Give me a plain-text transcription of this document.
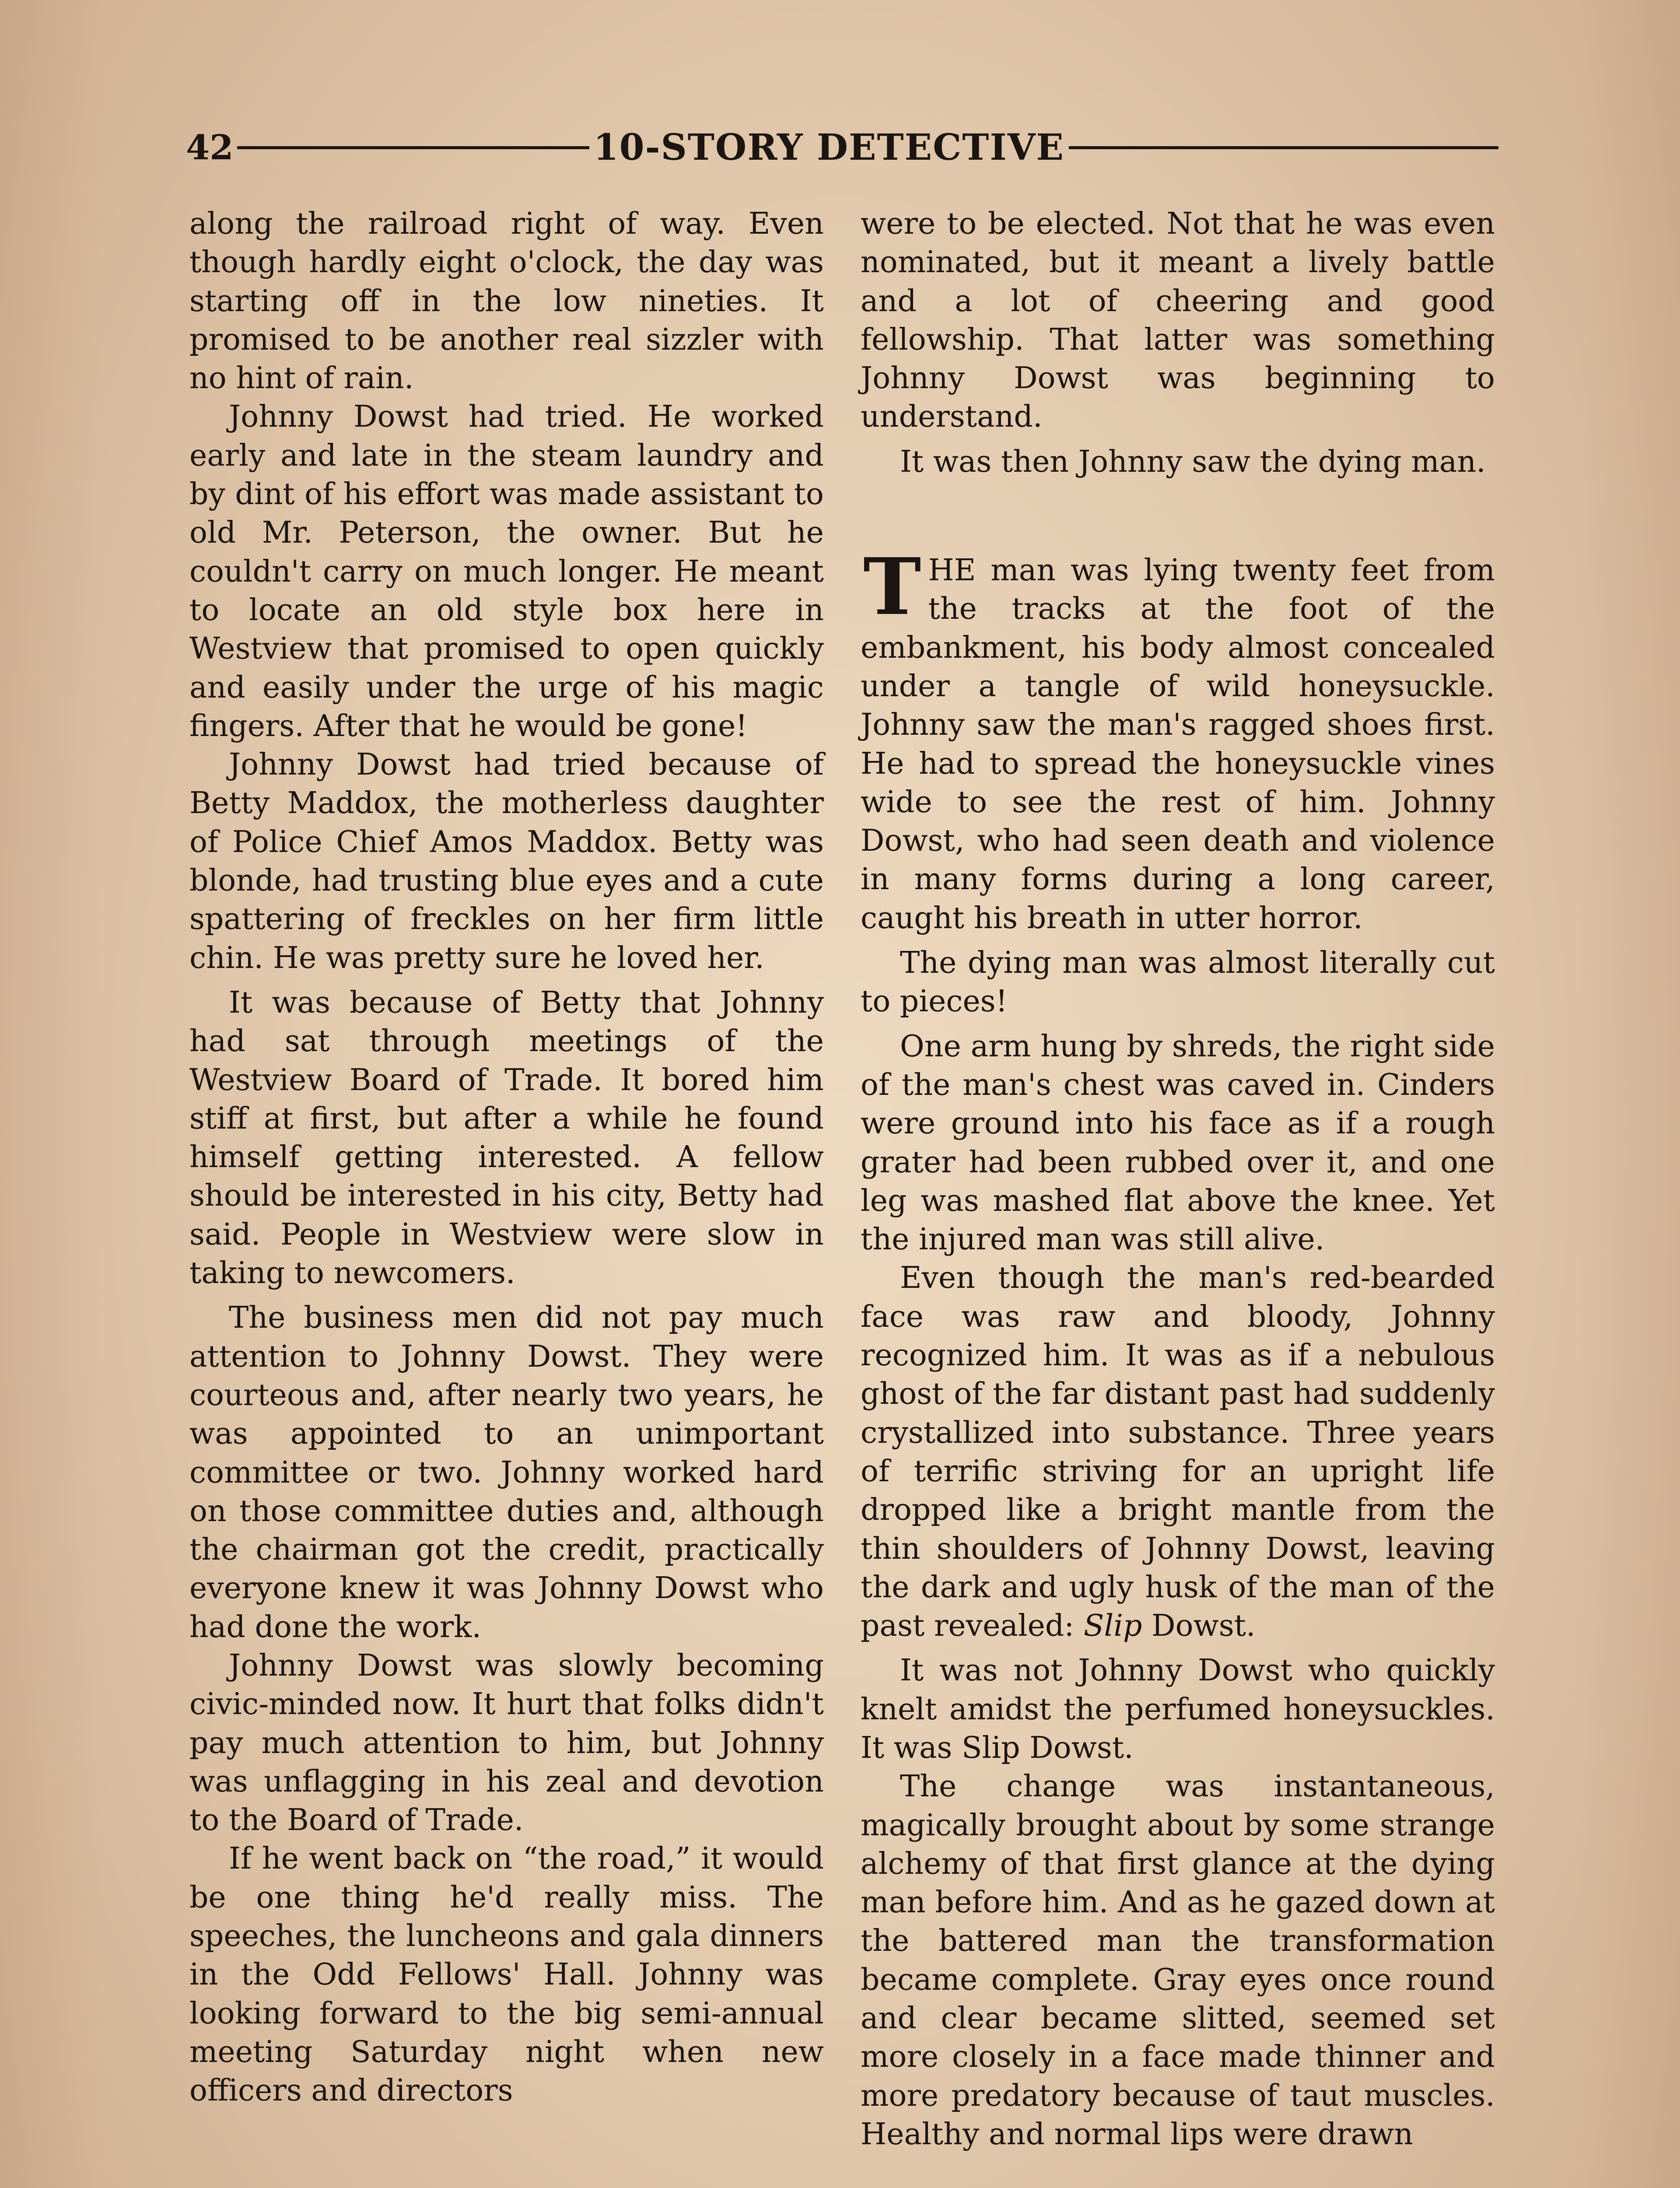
42	10-STORY DETECTIVE

along the railroad right of way. Even though hardly eight o'clock, the day was starting off in the low nineties. It promised to be another real sizzler with no hint of rain.

Johnny Dowst had tried. He worked early and late in the steam laundry and by dint of his effort was made assistant to old Mr. Peterson, the owner. But he couldn't carry on much longer. He meant to locate an old style box here in Westview that promised to open quickly and easily under the urge of his magic fingers. After that he would be gone!

Johnny Dowst had tried because of Betty Maddox, the motherless daughter of Police Chief Amos Maddox. Betty was blonde, had trusting blue eyes and a cute spattering of freckles on her firm little chin. He was pretty sure he loved her.

It was because of Betty that Johnny had sat through meetings of the Westview Board of Trade. It bored him stiff at first, but after a while he found himself getting interested. A fellow should be interested in his city, Betty had said. People in Westview were slow in taking to newcomers.

The business men did not pay much attention to Johnny Dowst. They were courteous and, after nearly two years, he was appointed to an unimportant committee or two. Johnny worked hard on those committee duties and, although the chairman got the credit, practically everyone knew it was Johnny Dowst who had done the work.

Johnny Dowst was slowly becoming civic-minded now. It hurt that folks didn't pay much attention to him, but Johnny was unflagging in his zeal and devotion to the Board of Trade.

If he went back on “the road,” it would be one thing he'd really miss. The speeches, the luncheons and gala dinners in the Odd Fellows' Hall. Johnny was looking forward to the big semi-annual meeting Saturday night when new officers and directors

were to be elected. Not that he was even nominated, but it meant a lively battle and a lot of cheering and good fellowship. That latter was something Johnny Dowst was beginning to understand.

It was then Johnny saw the dying man.

THE man was lying twenty feet from the tracks at the foot of the embankment, his body almost concealed under a tangle of wild honeysuckle. Johnny saw the man's ragged shoes first. He had to spread the honeysuckle vines wide to see the rest of him. Johnny Dowst, who had seen death and violence in many forms during a long career, caught his breath in utter horror.

The dying man was almost literally cut to pieces!

One arm hung by shreds, the right side of the man's chest was caved in. Cinders were ground into his face as if a rough grater had been rubbed over it, and one leg was mashed flat above the knee. Yet the injured man was still alive.

Even though the man's red-bearded face was raw and bloody, Johnny recognized him. It was as if a nebulous ghost of the far distant past had suddenly crystallized into substance. Three years of terrific striving for an upright life dropped like a bright mantle from the thin shoulders of Johnny Dowst, leaving the dark and ugly husk of the man of the past revealed: Slip Dowst.

It was not Johnny Dowst who quickly knelt amidst the perfumed honeysuckles. It was Slip Dowst.

The change was instantaneous, magically brought about by some strange alchemy of that first glance at the dying man before him. And as he gazed down at the battered man the transformation became complete. Gray eyes once round and clear became slitted, seemed set more closely in a face made thinner and more predatory because of taut muscles. Healthy and normal lips were drawn
